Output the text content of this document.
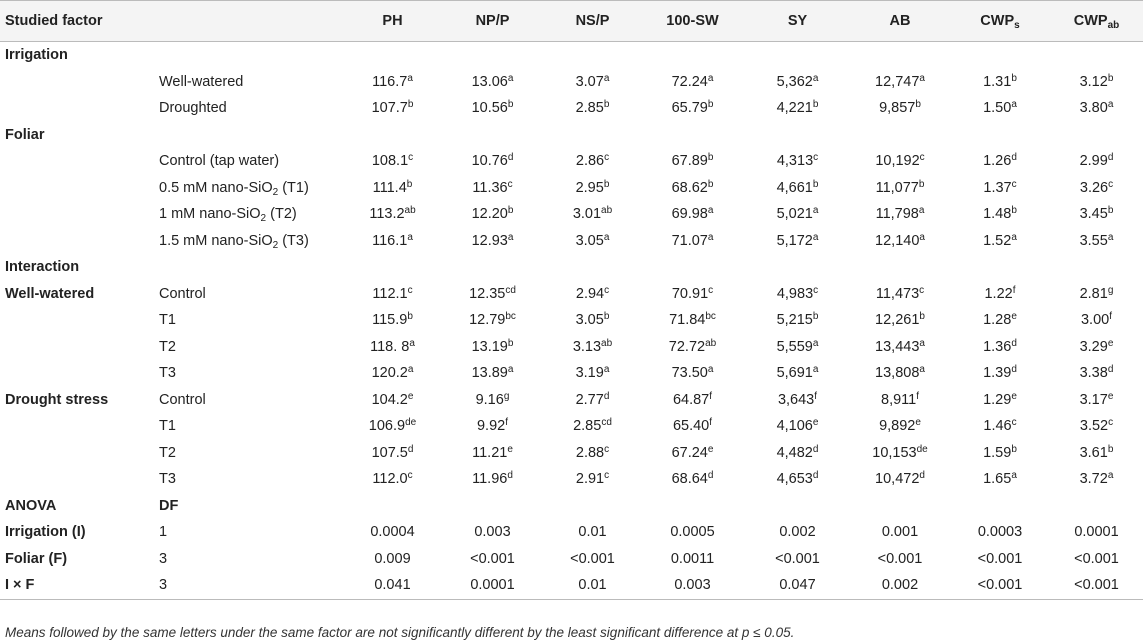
Studied factor		PH	NP/P	NS/P	100-SW	SY	AB	$CWP_s$	$CWP_{ab}$
Irrigation									
	Well-watered	116.7$^a$	13.06$^a$	3.07$^a$	72.24$^a$	5,362$^a$	12,747$^a$	1.31$^b$	3.12$^b$
	Droughted	107.7$^b$	10.56$^b$	2.85$^b$	65.79$^b$	4,221$^b$	9,857$^b$	1.50$^a$	3.80$^a$
Foliar									
	Control (tap water)	108.1$^c$	10.76$^d$	2.86$^c$	67.89$^b$	4,313$^c$	10,192$^c$	1.26$^d$	2.99$^d$
	0.5 mM nano-SiO$_2$ (T1)	111.4$^b$	11.36$^c$	2.95$^b$	68.62$^b$	4,661$^b$	11,077$^b$	1.37$^c$	3.26$^c$
	1 mM nano-SiO$_2$ (T2)	113.2$^{ab}$	12.20$^b$	3.01$^{ab}$	69.98$^a$	5,021$^a$	11,798$^a$	1.48$^b$	3.45$^b$
	1.5 mM nano-SiO$_2$ (T3)	116.1$^a$	12.93$^a$	3.05$^a$	71.07$^a$	5,172$^a$	12,140$^a$	1.52$^a$	3.55$^a$
Interaction									
Well-watered	Control	112.1$^c$	12.35$^{cd}$	2.94$^c$	70.91$^c$	4,983$^c$	11,473$^c$	1.22$^f$	2.81$^g$
	T1	115.9$^b$	12.79$^{bc}$	3.05$^b$	71.84$^{bc}$	5,215$^b$	12,261$^b$	1.28e	3.00$^f$
	T2	118. 8$^a$	13.19$^b$	3.13$^{ab}$	72.72$^{ab}$	5,559$^a$	13,443$^a$	1.36$^d$	3.29e
	T3	120.2$^a$	13.89$^a$	3.19$^a$	73.50$^a$	5,691$^a$	13,808$^a$	1.39$^d$	3.38$^d$
Drought stress	Control	104.2e	9.16$^g$	2.77$^d$	64.87$^f$	3,643$^f$	8,911$^f$	1.29e	3.17e
	T1	106.9de	9.92$^f$	2.85$^{cd}$	65.40$^f$	4,106e	9,892e	1.46$^c$	3.52$^c$
	T2	107.5$^d$	11.21e	2.88$^c$	67.24e	4,482$^d$	10,153de	1.59$^b$	3.61$^b$
	T3	112.0$^c$	11.96$^d$	2.91$^c$	68.64$^d$	4,653$^d$	10,472$^d$	1.65$^a$	3.72$^a$
ANOVA	DF								
Irrigation (I)	1	0.0004	0.003	0.01	0.0005	0.002	0.001	0.0003	0.0001
Foliar (F)	3	0.009	<0.001	<0.001	0.0011	<0.001	<0.001	<0.001	<0.001
I × F	3	0.041	0.0001	0.01	0.003	0.047	0.002	<0.001	<0.001
Means followed by the same letters under the same factor are not significantly different by the least significant difference at p ≤ 0.05.
